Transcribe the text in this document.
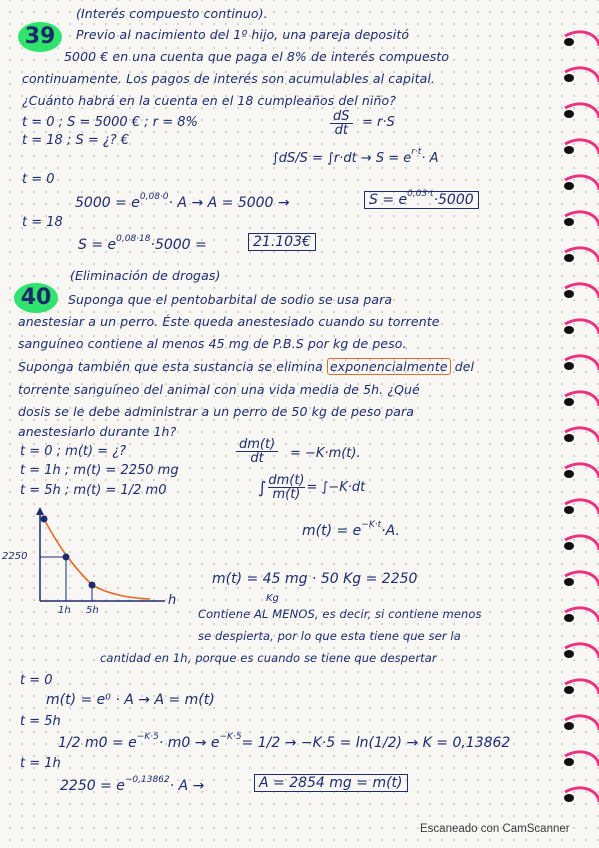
39
(Interés compuesto continuo).
Previo al nacimiento del 1º hijo, una pareja depositó
5000 € en una cuenta que paga el 8% de interés compuesto
continuamente. Los pagos de interés son acumulables al capital.
¿Cuánto habrá en la cuenta en el 18 cumpleaños del niño?
t = 0 ; S = 5000 € ; r = 8%	dS
dt
= r·S
t = 18 ; S = ¿? €
$\int dS/S = \int r\cdot dt \to S = e^{r\cdot t}\cdot A$
t = 0
$5000 = e^{0,08\cdot 0}\cdot A \to A = 5000$ →	$S = e^{0,03\cdot t}\cdot 5000$
t = 18
$S = e^{0,08\cdot 18}\cdot 5000$ =	21.103€
40
(Eliminación de drogas)
Suponga que el pentobarbital de sodio se usa para
anestesiar a un perro. Éste queda anestesiado cuando su torrente
sanguíneo contiene al menos 45 mg de P.B.S por kg de peso.
Suponga también que esta sustancia se elimina exponencialmente del
torrente sanguíneo del animal con una vida media de 5h. ¿Qué
dosis se le debe administrar a un perro de 50 kg de peso para
anestesiarlo durante 1h?
t = 0 ; m(t) = ¿?
t = 1h ; m(t) = 2250 mg
t = 5h ; m(t) = 1/2 m0
dm(t)
dt	= −K·m(t).
∫ $\frac{dm(t)}{m(t)} = \int-K\cdot dt$
$m(t) = e^{-K\cdot t}\cdot A$.
2250
1h 5h
h
m(t) = 45 mg · 50 Kg = 2250
Kg
Contiene AL MENOS, es decir, si contiene menos
se despierta, por lo que esta tiene que ser la
cantidad en 1h, porque es cuando se tiene que despertar
t = 0
m(t) = e⁰ · A → A = m(t)
t = 5h
1/2 $m0 = e^{-K\cdot 5}\cdot m0 \to e^{-K\cdot 5}= 1/2 \to -K\cdot 5 = \ln(1/2) \to K = 0,13862$
t = 1h
$2250 = e^{-0,13862}\cdot A$ →	A = 2854 mg = m(t)
Escaneado con CamScanner
